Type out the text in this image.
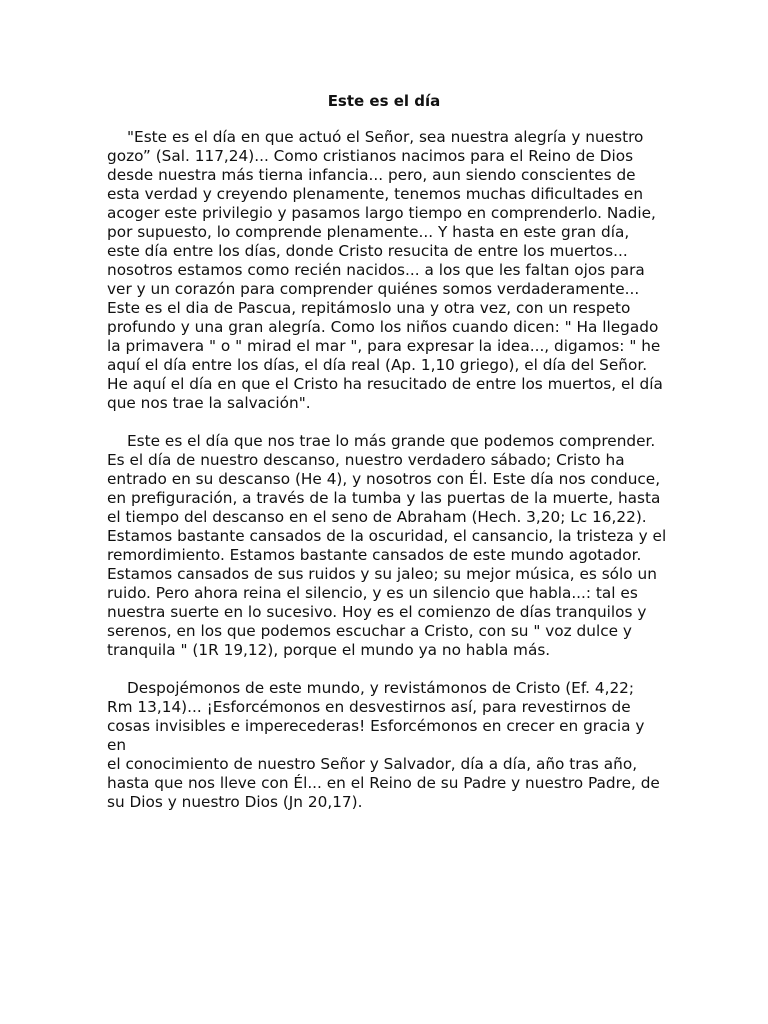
Este es el día

"Este es el día en que actuó el Señor, sea nuestra alegría y nuestro
gozo” (Sal. 117,24)... Como cristianos nacimos para el Reino de Dios
desde nuestra más tierna infancia... pero, aun siendo conscientes de
esta verdad y creyendo plenamente, tenemos muchas dificultades en
acoger este privilegio y pasamos largo tiempo en comprenderlo. Nadie,
por supuesto, lo comprende plenamente... Y hasta en este gran día,
este día entre los días, donde Cristo resucita de entre los muertos...
nosotros estamos como recién nacidos... a los que les faltan ojos para
ver y un corazón para comprender quiénes somos verdaderamente...
Este es el dia de Pascua, repitámoslo una y otra vez, con un respeto
profundo y una gran alegría. Como los niños cuando dicen: " Ha llegado
la primavera " o " mirad el mar ", para expresar la idea..., digamos: " he
aquí el día entre los días, el día real (Ap. 1,10 griego), el día del Señor.
He aquí el día en que el Cristo ha resucitado de entre los muertos, el día
que nos trae la salvación".

Este es el día que nos trae lo más grande que podemos comprender.
Es el día de nuestro descanso, nuestro verdadero sábado; Cristo ha
entrado en su descanso (He 4), y nosotros con Él. Este día nos conduce,
en prefiguración, a través de la tumba y las puertas de la muerte, hasta
el tiempo del descanso en el seno de Abraham (Hech. 3,20; Lc 16,22).
Estamos bastante cansados de la oscuridad, el cansancio, la tristeza y el
remordimiento. Estamos bastante cansados de este mundo agotador.
Estamos cansados de sus ruidos y su jaleo; su mejor música, es sólo un
ruido. Pero ahora reina el silencio, y es un silencio que habla...: tal es
nuestra suerte en lo sucesivo. Hoy es el comienzo de días tranquilos y
serenos, en los que podemos escuchar a Cristo, con su " voz dulce y
tranquila " (1R 19,12), porque el mundo ya no habla más.

Despojémonos de este mundo, y revistámonos de Cristo (Ef. 4,22;
Rm 13,14)... ¡Esforcémonos en desvestirnos así, para revestirnos de
cosas invisibles e imperecederas! Esforcémonos en crecer en gracia y en
el conocimiento de nuestro Señor y Salvador, día a día, año tras año,
hasta que nos lleve con Él... en el Reino de su Padre y nuestro Padre, de
su Dios y nuestro Dios (Jn 20,17).
